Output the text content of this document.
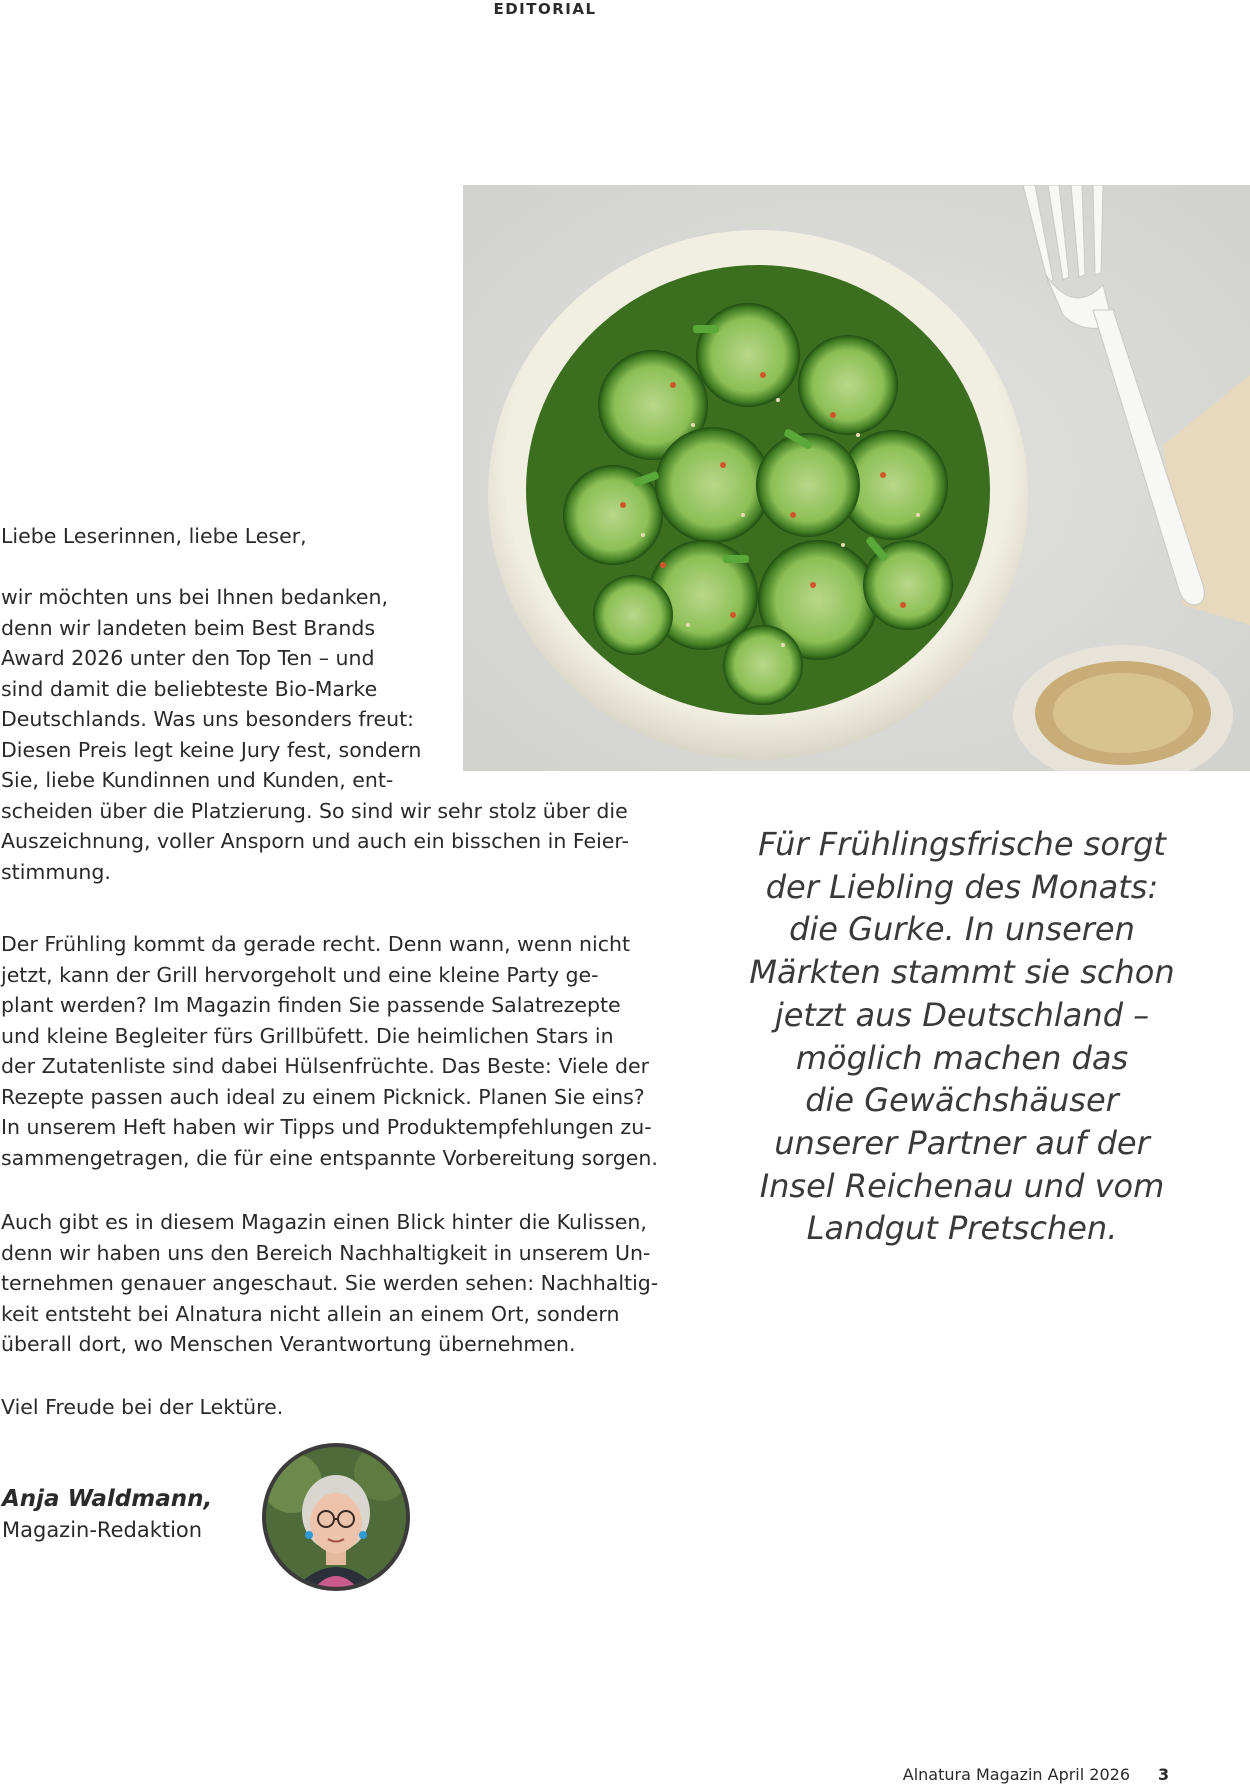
EDITORIAL

Liebe Leserinnen, liebe Leser,

wir möchten uns bei Ihnen bedanken,
denn wir landeten beim Best Brands
Award 2026 unter den Top Ten – und
sind damit die beliebteste Bio-Marke
Deutschlands. Was uns besonders freut:
Diesen Preis legt keine Jury fest, sondern
Sie, liebe Kundinnen und Kunden, ent-
scheiden über die Platzierung. So sind wir sehr stolz über die
Auszeichnung, voller Ansporn und auch ein bisschen in Feier-
stimmung.

Der Frühling kommt da gerade recht. Denn wann, wenn nicht
jetzt, kann der Grill hervorgeholt und eine kleine Party ge-
plant werden? Im Magazin finden Sie passende Salatrezepte
und kleine Begleiter fürs Grillbüfett. Die heimlichen Stars in
der Zutatenliste sind dabei Hülsenfrüchte. Das Beste: Viele der
Rezepte passen auch ideal zu einem Picknick. Planen Sie eins?
In unserem Heft haben wir Tipps und Produktempfehlungen zu-
sammengetragen, die für eine entspannte Vorbereitung sorgen.

Auch gibt es in diesem Magazin einen Blick hinter die Kulissen,
denn wir haben uns den Bereich Nachhaltigkeit in unserem Un-
ternehmen genauer angeschaut. Sie werden sehen: Nachhaltig-
keit entsteht bei Alnatura nicht allein an einem Ort, sondern
überall dort, wo Menschen Verantwortung übernehmen.

Viel Freude bei der Lektüre.

Für Frühlingsfrische sorgt
der Liebling des Monats:
die Gurke. In unseren
Märkten stammt sie schon
jetzt aus Deutschland –
möglich machen das
die Gewächshäuser
unserer Partner auf der
Insel Reichenau und vom
Landgut Pretschen.
Anja Waldmann,
Magazin-Redaktion
Alnatura Magazin April 2026 3
